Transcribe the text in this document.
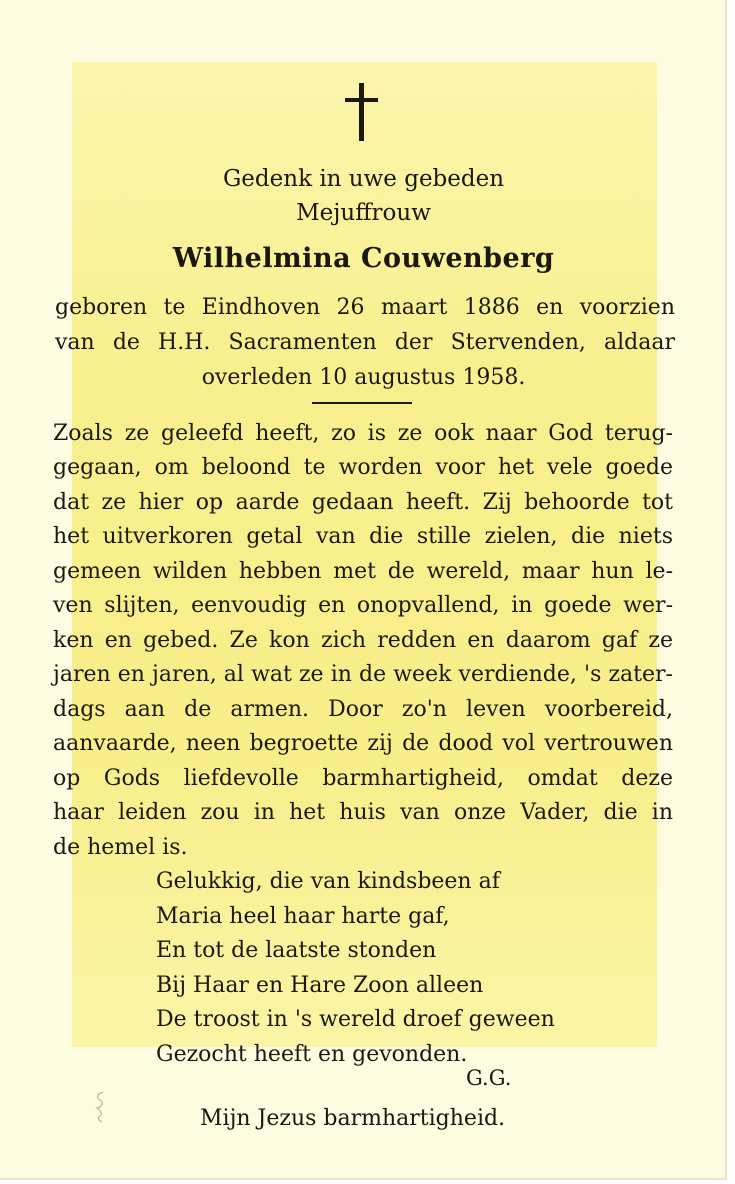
Gedenk in uwe gebeden
Mejuffrouw
Wilhelmina Couwenberg
geboren te Eindhoven 26 maart 1886 en voorzien
van de H.H. Sacramenten der Stervenden, aldaar
overleden 10 augustus 1958.
Zoals ze geleefd heeft, zo is ze ook naar God terug-
gegaan, om beloond te worden voor het vele goede
dat ze hier op aarde gedaan heeft. Zij behoorde tot
het uitverkoren getal van die stille zielen, die niets
gemeen wilden hebben met de wereld, maar hun le-
ven slijten, eenvoudig en onopvallend, in goede wer-
ken en gebed. Ze kon zich redden en daarom gaf ze
jaren en jaren, al wat ze in de week verdiende, 's zater-
dags aan de armen. Door zo'n leven voorbereid,
aanvaarde, neen begroette zij de dood vol vertrouwen
op Gods liefdevolle barmhartigheid, omdat deze
haar leiden zou in het huis van onze Vader, die in
de hemel is.
Gelukkig, die van kindsbeen af
Maria heel haar harte gaf,
En tot de laatste stonden
Bij Haar en Hare Zoon alleen
De troost in 's wereld droef geween
Gezocht heeft en gevonden.
G.G.
Mijn Jezus barmhartigheid.
